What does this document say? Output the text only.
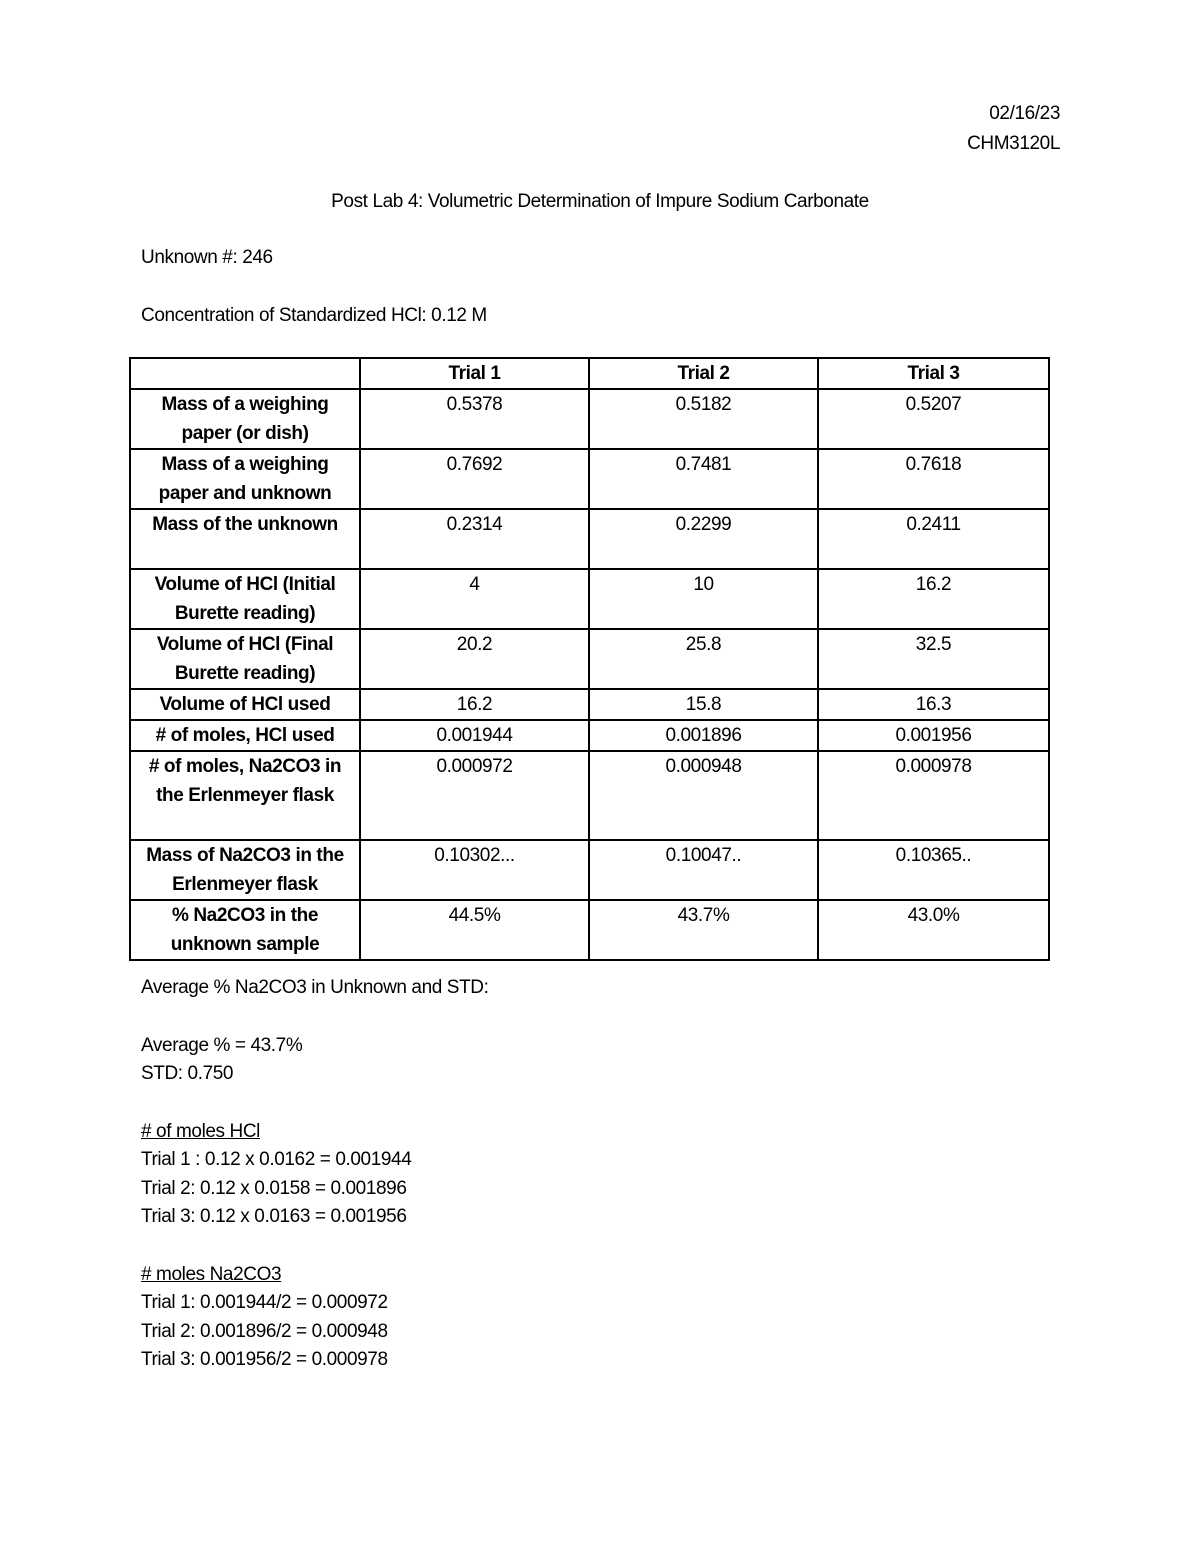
02/16/23
CHM3120L
Post Lab 4: Volumetric Determination of Impure Sodium Carbonate
Unknown #: 246
Concentration of Standardized HCl: 0.12 M
	Trial 1	Trial 2	Trial 3
Mass of a weighing paper (or dish)	0.5378	0.5182	0.5207
Mass of a weighing paper and unknown	0.7692	0.7481	0.7618
Mass of the unknown	0.2314	0.2299	0.2411
Volume of HCl (Initial Burette reading)	4	10	16.2
Volume of HCl (Final Burette reading)	20.2	25.8	32.5
Volume of HCl used	16.2	15.8	16.3
# of moles, HCl used	0.001944	0.001896	0.001956
# of moles, Na2CO3 in the Erlenmeyer flask	0.000972	0.000948	0.000978
Mass of Na2CO3 in the Erlenmeyer flask	0.10302...	0.10047..	0.10365..
% Na2CO3 in the unknown sample	44.5%	43.7%	43.0%
Average % Na2CO3 in Unknown and STD:
Average % = 43.7%
STD: 0.750
# of moles HCl
Trial 1 : 0.12 x 0.0162 = 0.001944
Trial 2: 0.12 x 0.0158 = 0.001896
Trial 3: 0.12 x 0.0163 = 0.001956
# moles Na2CO3
Trial 1: 0.001944/2 = 0.000972
Trial 2: 0.001896/2 = 0.000948
Trial 3: 0.001956/2 = 0.000978
